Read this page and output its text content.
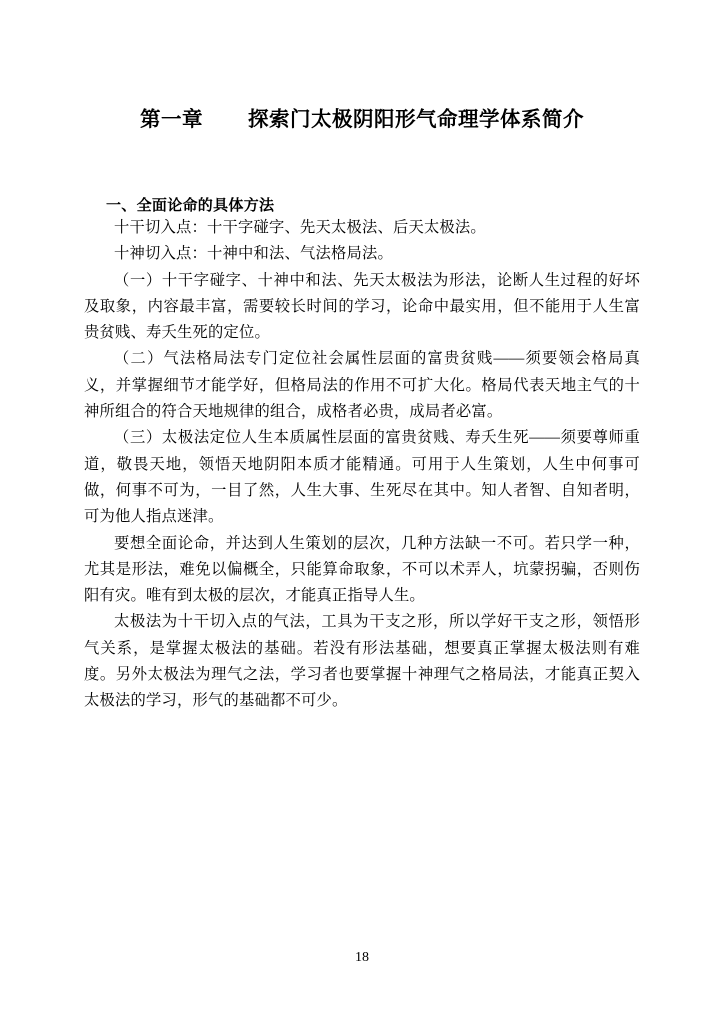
第一章        探索门太极阴阳形气命理学体系简介
一、全面论命的具体方法

十干切入点：十干字碰字、先天太极法、后天太极法。

十神切入点：十神中和法、气法格局法。

（一）十干字碰字、十神中和法、先天太极法为形法，论断人生过程的好坏及取象，内容最丰富，需要较长时间的学习，论命中最实用，但不能用于人生富贵贫贱、寿夭生死的定位。

（二）气法格局法专门定位社会属性层面的富贵贫贱——须要领会格局真义，并掌握细节才能学好，但格局法的作用不可扩大化。格局代表天地主气的十神所组合的符合天地规律的组合，成格者必贵，成局者必富。

（三）太极法定位人生本质属性层面的富贵贫贱、寿夭生死——须要尊师重道，敬畏天地，领悟天地阴阳本质才能精通。可用于人生策划，人生中何事可做，何事不可为，一目了然，人生大事、生死尽在其中。知人者智、自知者明，可为他人指点迷津。

要想全面论命，并达到人生策划的层次，几种方法缺一不可。若只学一种，尤其是形法，难免以偏概全，只能算命取象，不可以术弄人，坑蒙拐骗，否则伤阳有灾。唯有到太极的层次，才能真正指导人生。

太极法为十干切入点的气法，工具为干支之形，所以学好干支之形，领悟形气关系，是掌握太极法的基础。若没有形法基础，想要真正掌握太极法则有难度。另外太极法为理气之法，学习者也要掌握十神理气之格局法，才能真正契入太极法的学习，形气的基础都不可少。

18
